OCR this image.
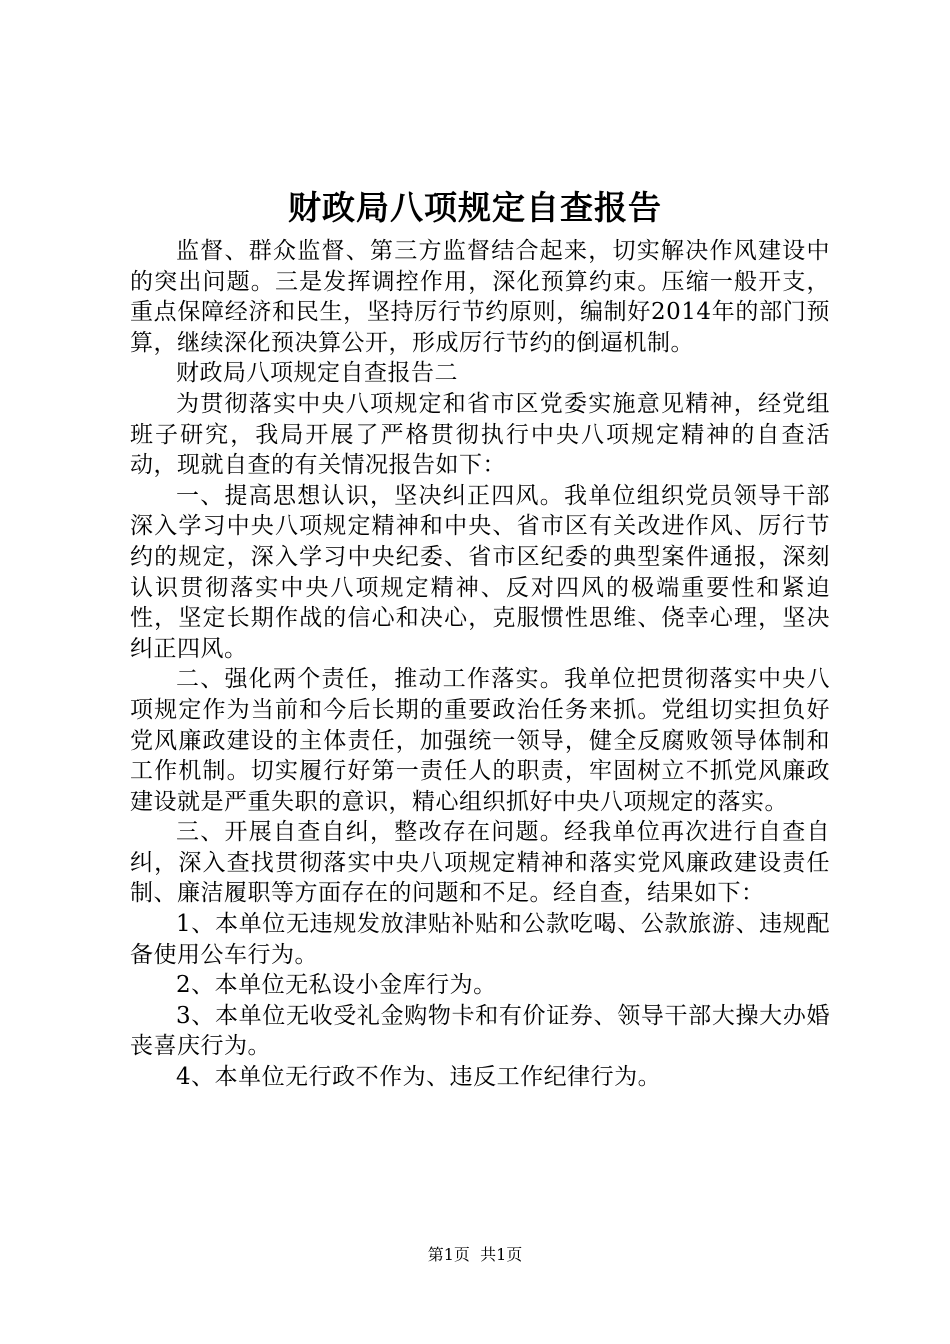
财政局八项规定自查报告

监督、群众监督、第三方监督结合起来，切实解决作风建设中的突出问题。三是发挥调控作用，深化预算约束。压缩一般开支，重点保障经济和民生，坚持厉行节约原则，编制好2014年的部门预算，继续深化预决算公开，形成厉行节约的倒逼机制。

财政局八项规定自查报告二

为贯彻落实中央八项规定和省市区党委实施意见精神，经党组班子研究，我局开展了严格贯彻执行中央八项规定精神的自查活动，现就自查的有关情况报告如下：

一、提高思想认识，坚决纠正四风。我单位组织党员领导干部深入学习中央八项规定精神和中央、省市区有关改进作风、厉行节约的规定，深入学习中央纪委、省市区纪委的典型案件通报，深刻认识贯彻落实中央八项规定精神、反对四风的极端重要性和紧迫性，坚定长期作战的信心和决心，克服惯性思维、侥幸心理，坚决纠正四风。

二、强化两个责任，推动工作落实。我单位把贯彻落实中央八项规定作为当前和今后长期的重要政治任务来抓。党组切实担负好党风廉政建设的主体责任，加强统一领导，健全反腐败领导体制和工作机制。切实履行好第一责任人的职责，牢固树立不抓党风廉政建设就是严重失职的意识，精心组织抓好中央八项规定的落实。

三、开展自查自纠，整改存在问题。经我单位再次进行自查自纠，深入查找贯彻落实中央八项规定精神和落实党风廉政建设责任制、廉洁履职等方面存在的问题和不足。经自查，结果如下：

1、本单位无违规发放津贴补贴和公款吃喝、公款旅游、违规配备使用公车行为。

2、本单位无私设小金库行为。

3、本单位无收受礼金购物卡和有价证券、领导干部大操大办婚丧喜庆行为。

4、本单位无行政不作为、违反工作纪律行为。

第1页 共1页
